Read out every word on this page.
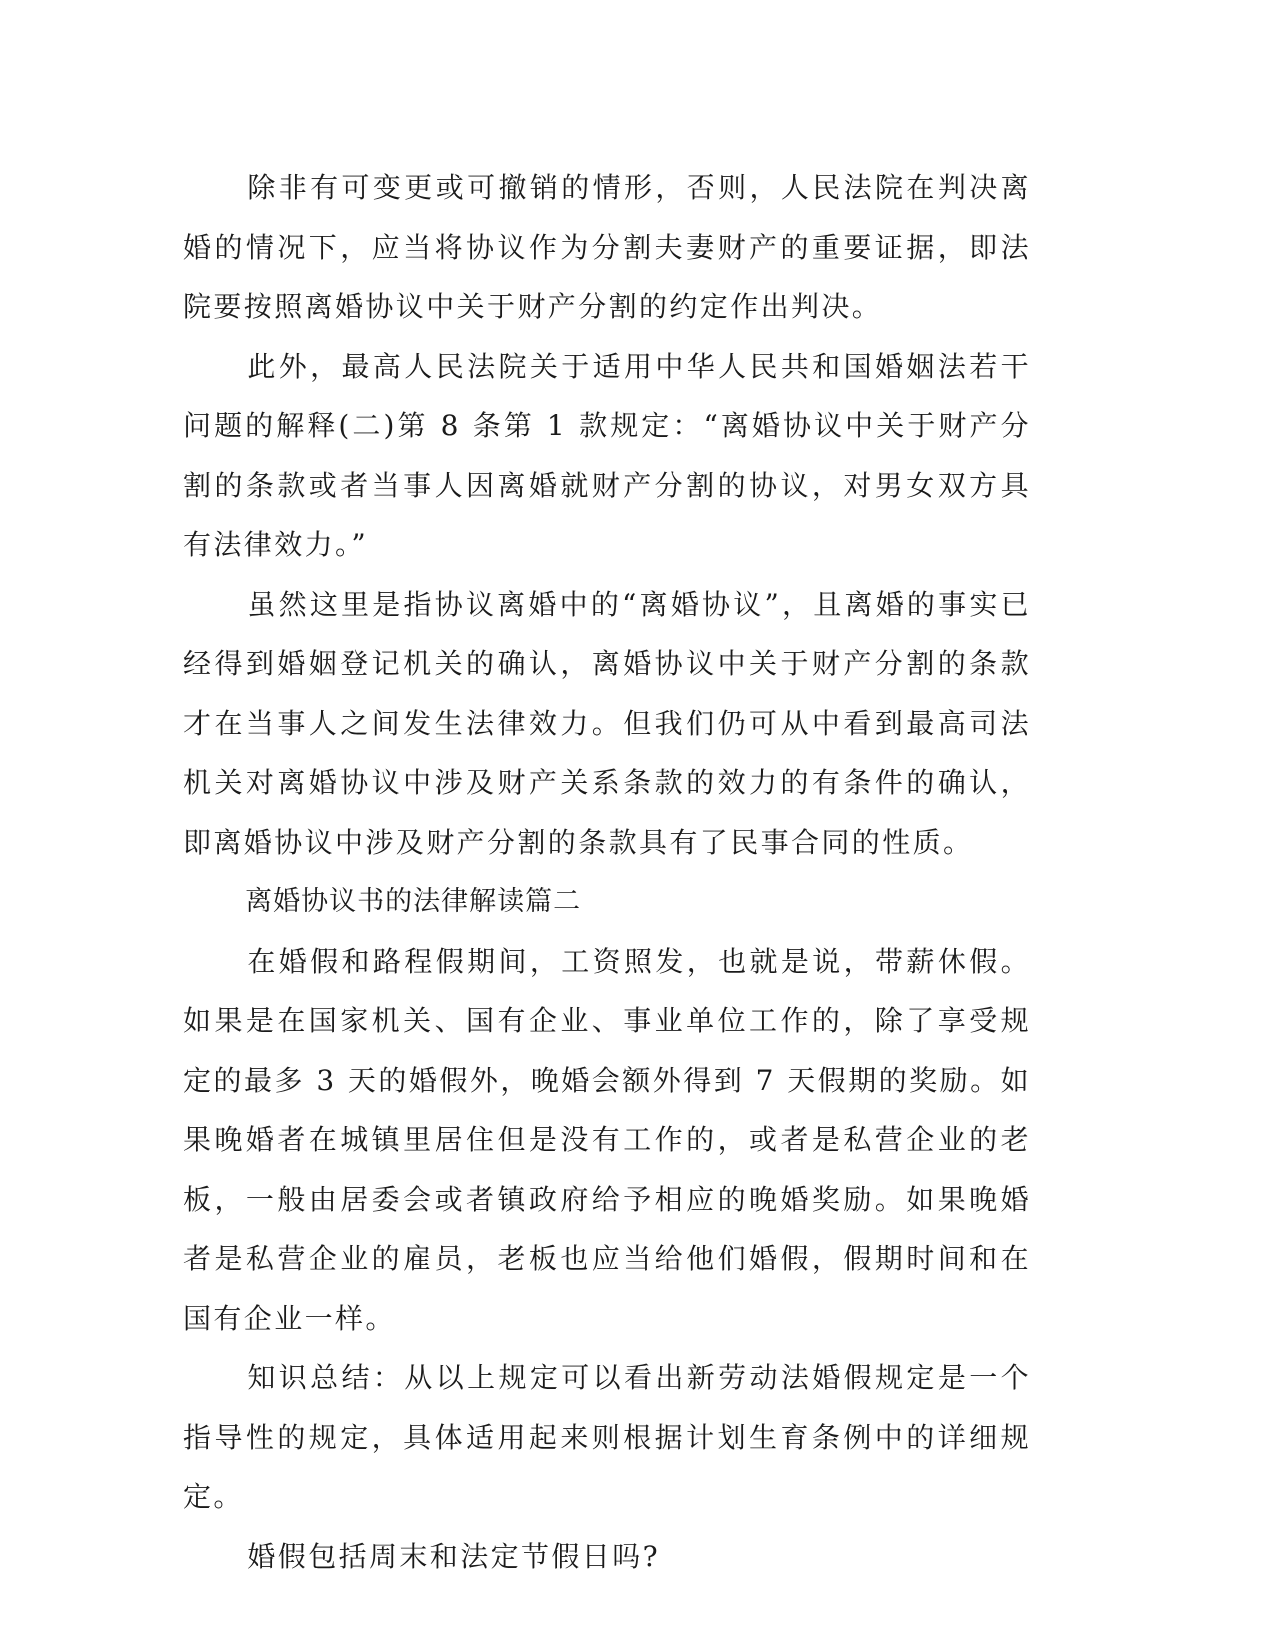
除非有可变更或可撤销的情形，否则，人民法院在判决离婚的情况下，应当将协议作为分割夫妻财产的重要证据，即法院要按照离婚协议中关于财产分割的约定作出判决。

此外，最高人民法院关于适用中华人民共和国婚姻法若干问题的解释(二)第 8 条第 1 款规定：“离婚协议中关于财产分割的条款或者当事人因离婚就财产分割的协议，对男女双方具有法律效力。”

虽然这里是指协议离婚中的“离婚协议”，且离婚的事实已经得到婚姻登记机关的确认，离婚协议中关于财产分割的条款才在当事人之间发生法律效力。但我们仍可从中看到最高司法机关对离婚协议中涉及财产关系条款的效力的有条件的确认，即离婚协议中涉及财产分割的条款具有了民事合同的性质。

离婚协议书的法律解读篇二

在婚假和路程假期间，工资照发，也就是说，带薪休假。如果是在国家机关、国有企业、事业单位工作的，除了享受规定的最多 3 天的婚假外，晚婚会额外得到 7 天假期的奖励。如果晚婚者在城镇里居住但是没有工作的，或者是私营企业的老板，一般由居委会或者镇政府给予相应的晚婚奖励。如果晚婚者是私营企业的雇员，老板也应当给他们婚假，假期时间和在国有企业一样。

知识总结：从以上规定可以看出新劳动法婚假规定是一个指导性的规定，具体适用起来则根据计划生育条例中的详细规定。

婚假包括周末和法定节假日吗?
